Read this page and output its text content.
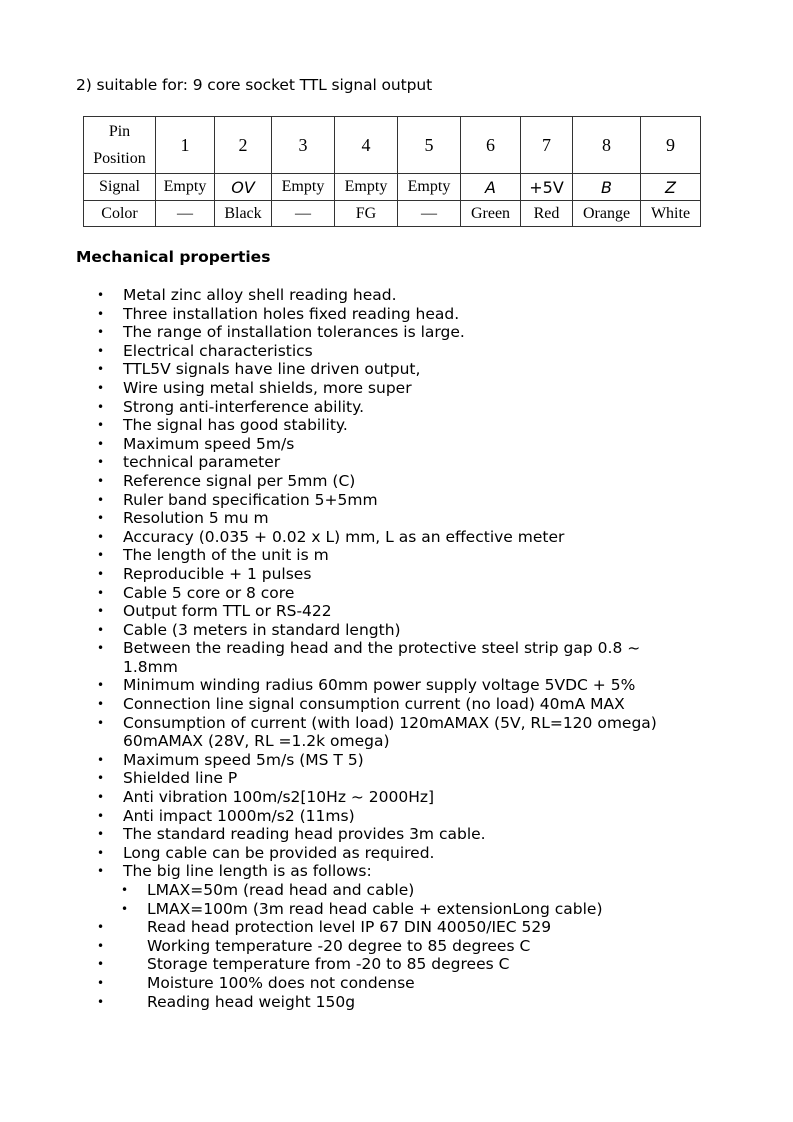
2) suitable for: 9 core socket TTL signal output
Pin
Position	1	2	3	4	5	6	7	8	9
Signal	Empty	OV	Empty	Empty	Empty	A	+5V	B	Z
Color	—	Black	—	FG	—	Green	Red	Orange	White
Mechanical properties
• Metal zinc alloy shell reading head.
• Three installation holes fixed reading head.
• The range of installation tolerances is large.
• Electrical characteristics
• TTL5V signals have line driven output,
• Wire using metal shields, more super
• Strong anti-interference ability.
• The signal has good stability.
• Maximum speed 5m/s
• technical parameter
• Reference signal per 5mm (C)
• Ruler band specification 5+5mm
• Resolution 5 mu m
• Accuracy (0.035 + 0.02 x L) mm, L as an effective meter
• The length of the unit is m
• Reproducible + 1 pulses
• Cable 5 core or 8 core
• Output form TTL or RS-422
• Cable (3 meters in standard length)
• Between the reading head and the protective steel strip gap 0.8 ~ 1.8mm
• Minimum winding radius 60mm power supply voltage 5VDC + 5%
• Connection line signal consumption current (no load) 40mA MAX
• Consumption of current (with load) 120mAMAX (5V, RL=120 omega) 60mAMAX (28V, RL =1.2k omega)
• Maximum speed 5m/s (MS T 5)
• Shielded line P
• Anti vibration 100m/s2[10Hz ~ 2000Hz]
• Anti impact 1000m/s2 (11ms)
• The standard reading head provides 3m cable.
• Long cable can be provided as required.
• The big line length is as follows:
• LMAX=50m (read head and cable)
• LMAX=100m (3m read head cable + extensionLong cable)
•	Read head protection level IP 67 DIN 40050/IEC 529
•	Working temperature -20 degree to 85 degrees C
•	Storage temperature from -20 to 85 degrees C
•	Moisture 100% does not condense
•	Reading head weight 150g
